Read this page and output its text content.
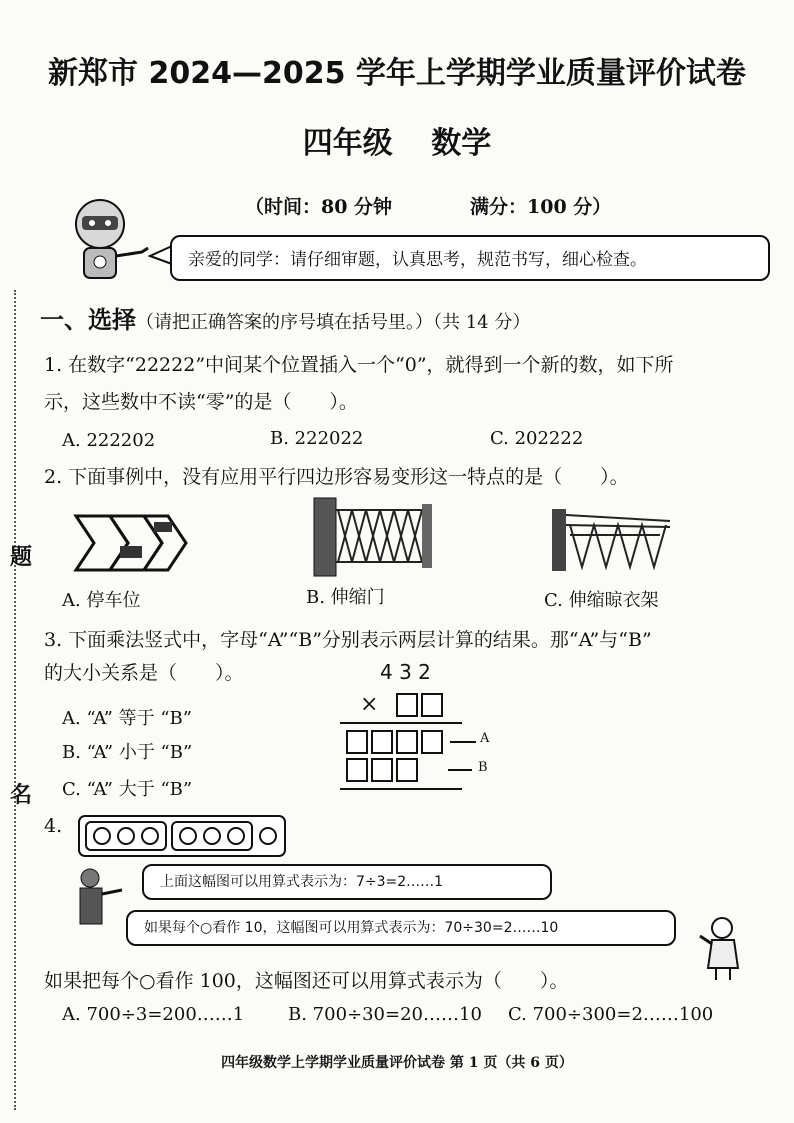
新郑市 2024—2025 学年上学期学业质量评价试卷
四年级 数学
（时间：80 分钟	满分：100 分）
亲爱的同学：请仔细审题，认真思考，规范书写，细心检查。
题
名
一、选择（请把正确答案的序号填在括号里。）（共 14 分）
1. 在数字“22222”中间某个位置插入一个“0”，就得到一个新的数，如下所
示，这些数中不读“零”的是（　　）。
A. 222202	B. 222022	C. 202222
2. 下面事例中，没有应用平行四边形容易变形这一特点的是（　　）。
A. 停车位	B. 伸缩门	C. 伸缩晾衣架
3. 下面乘法竖式中，字母“A”“B”分别表示两层计算的结果。那“A”与“B”
的大小关系是（　　）。
A. “A” 等于 “B”
B. “A” 小于 “B”
C. “A” 大于 “B”
4 3 2
×
A
B
4.
上面这幅图可以用算式表示为：7÷3=2……1
如果每个○看作 10，这幅图可以用算式表示为：70÷30=2……10
如果把每个○看作 100，这幅图还可以用算式表示为（　　）。
A. 700÷3=200……1 B. 700÷30=20……10 C. 700÷300=2……100
四年级数学上学期学业质量评价试卷 第 1 页（共 6 页）
